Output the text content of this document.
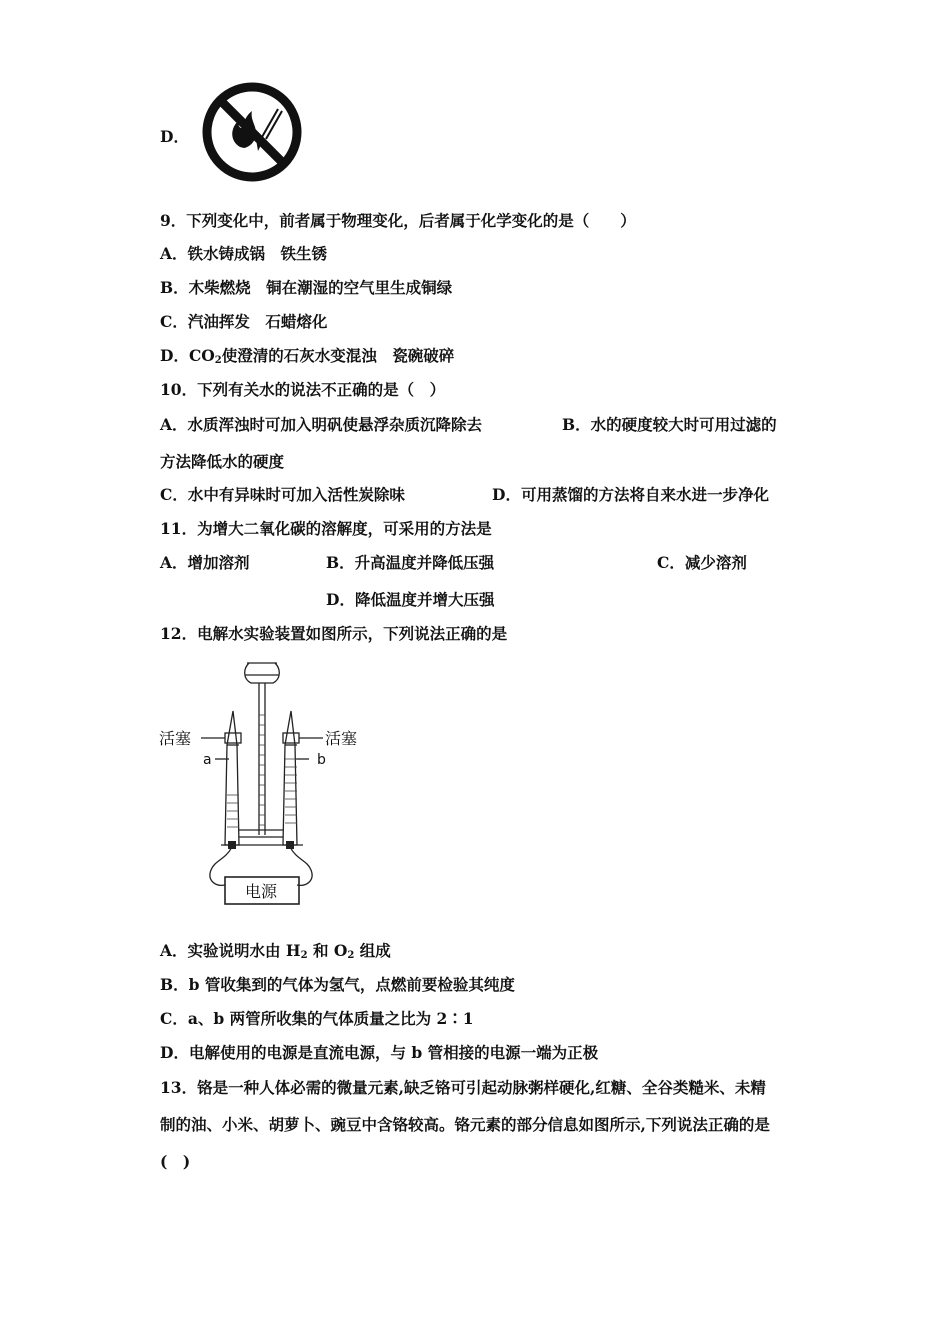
D．
9．下列变化中，前者属于物理变化，后者属于化学变化的是（　　）
A．铁水铸成锅　铁生锈
B．木柴燃烧　铜在潮湿的空气里生成铜绿
C．汽油挥发　石蜡熔化
D．$CO_2$使澄清的石灰水变混浊　瓷碗破碎
10．下列有关水的说法不正确的是（　）
A．水质浑浊时可加入明矾使悬浮杂质沉降除去	B．水的硬度较大时可用过滤的
方法降低水的硬度
C．水中有异味时可加入活性炭除味	D．可用蒸馏的方法将自来水进一步净化
11．为增大二氧化碳的溶解度，可采用的方法是
A．增加溶剂	B．升高温度并降低压强	C．减少溶剂
D．降低温度并增大压强
12．电解水实验装置如图所示，下列说法正确的是
活塞	活塞
a	b
电源
A．实验说明水由 $H_2$ 和 $O_2$ 组成
B．b 管收集到的气体为氢气，点燃前要检验其纯度
C．a、b 两管所收集的气体质量之比为 2∶1
D．电解使用的电源是直流电源，与 b 管相接的电源一端为正极
13．铬是一种人体必需的微量元素,缺乏铬可引起动脉粥样硬化,红糖、全谷类糙米、未精
制的油、小米、胡萝卜、豌豆中含铬较高。铬元素的部分信息如图所示,下列说法正确的是
(　)
